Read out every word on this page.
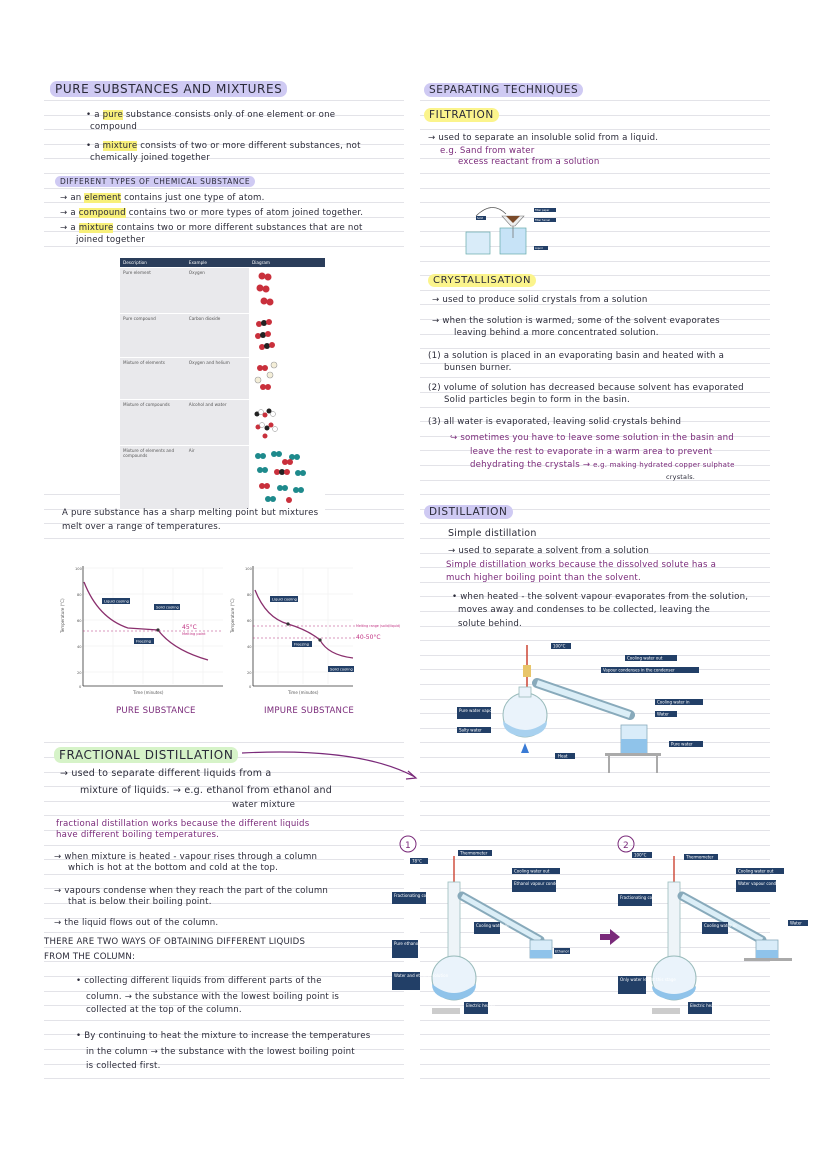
PURE SUBSTANCES AND MIXTURES
• a pure substance consists only of one element or one
compound
• a mixture consists of two or more different substances, not
chemically joined together
DIFFERENT TYPES OF CHEMICAL SUBSTANCE
→ an element contains just one type of atom.
→ a compound contains two or more types of atom joined together.
→ a mixture contains two or more different substances that are not
joined together
Description	Example	Diagram
Pure element	Oxygen	
Pure compound	Carbon dioxide	
Mixture of elements	Oxygen and helium	
Mixture of compounds	Alcohol and water	
Mixture of elements and compounds	Air	
A pure substance has a sharp melting point but mixtures
melt over a range of temperatures.
Temperature (°C)
Time (minutes)
100
80
60
40
20
0
Liquid cooling
Solid cooling
Freezing
45°C
Melting point
PURE SUBSTANCE
Temperature (°C)
Time (minutes)
100
80
60
40
20
0
Liquid cooling
Freezing
Solid cooling
Melting range (solid/liquid)
40-50°C
IMPURE SUBSTANCE
FRACTIONAL DISTILLATION
→ used to separate different liquids from a
mixture of liquids. → e.g. ethanol from ethanol and
water mixture
fractional distillation works because the different liquids
have different boiling temperatures.
→ when mixture is heated - vapour rises through a column
which is hot at the bottom and cold at the top.
→ vapours condense when they reach the part of the column
that is below their boiling point.
→ the liquid flows out of the column.
THERE ARE TWO WAYS OF OBTAINING DIFFERENT LIQUIDS
FROM THE COLUMN:
• collecting different liquids from different parts of the
column. → the substance with the lowest boiling point is
collected at the top of the column.
• By continuing to heat the mixture to increase the temperatures
in the column → the substance with the lowest boiling point
is collected first.
SEPARATING TECHNIQUES
FILTRATION
→ used to separate an insoluble solid from a liquid.
e.g. Sand from water
excess reactant from a solution
Solid
Filter paper
Filter funnel
Liquid
CRYSTALLISATION
→ used to produce solid crystals from a solution
→ when the solution is warmed, some of the solvent evaporates
leaving behind a more concentrated solution.
(1) a solution is placed in an evaporating basin and heated with a
bunsen burner.
(2) volume of solution has decreased because solvent has evaporated
Solid particles begin to form in the basin.
(3) all water is evaporated, leaving solid crystals behind
↪ sometimes you have to leave some solution in the basin and
leave the rest to evaporate in a warm area to prevent
dehydrating the crystals → e.g. making hydrated copper sulphate
crystals.
DISTILLATION
Simple distillation
→ used to separate a solvent from a solution
Simple distillation works because the dissolved solute has a
much higher boiling point than the solvent.
• when heated - the solvent vapour evaporates from the solution,
moves away and condenses to be collected, leaving the
solute behind.
100°C
Cooling water out
Vapour condenses in the condenser
Cooling water in
Water
Pure water vapour
Salty water
Heat
Pure water
1
Thermometer
78°C
Cooling water out
Ethanol vapour condenses
Fractionating column
Cooling water in
Pure ethanol vapour
Ethanol
Water and ethanol solution
Electric heater
2
Thermometer
100°C
Cooling water out
Water vapour condenses
Fractionating column
Cooling water in	Water
Only water left at this stage
Electric heater
